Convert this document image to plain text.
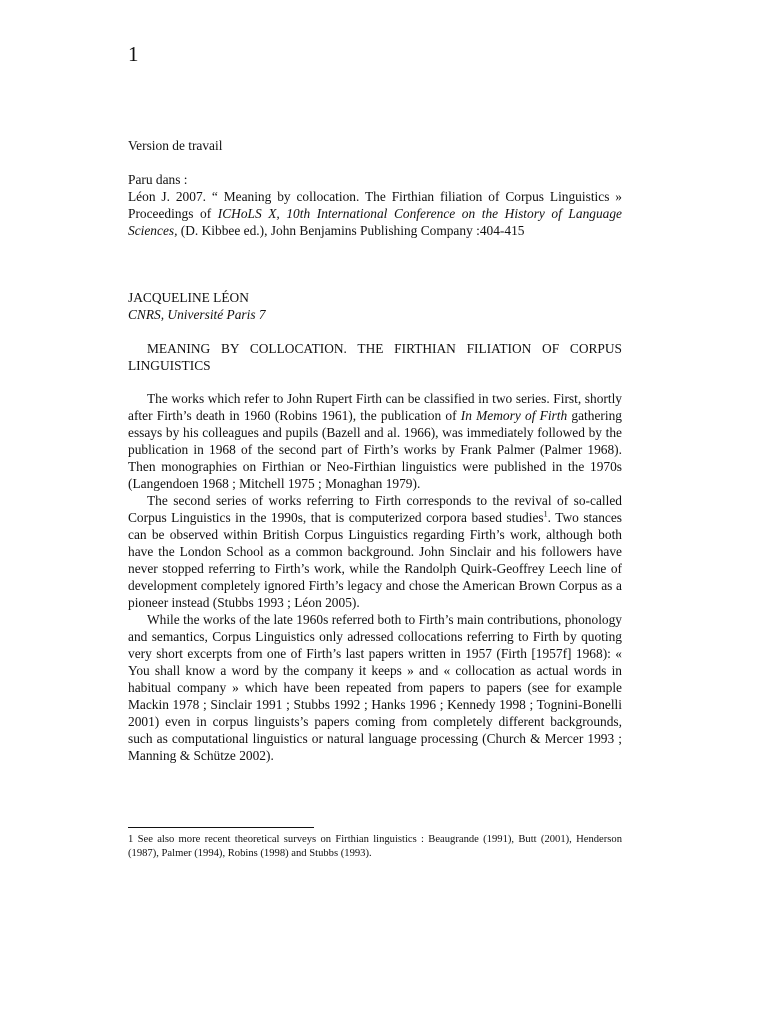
1
Version de travail
Paru dans :
Léon J. 2007. “ Meaning by collocation. The Firthian filiation of Corpus Linguistics » Proceedings of ICHoLS X, 10th International Conference on the History of Language Sciences, (D. Kibbee ed.), John Benjamins Publishing Company :404-415
JACQUELINE LÉON
CNRS, Université Paris 7
MEANING BY COLLOCATION. THE FIRTHIAN FILIATION OF CORPUS LINGUISTICS

The works which refer to John Rupert Firth can be classified in two series. First, shortly after Firth’s death in 1960 (Robins 1961), the publication of In Memory of Firth gathering essays by his colleagues and pupils (Bazell and al. 1966), was immediately followed by the publication in 1968 of the second part of Firth’s works by Frank Palmer (Palmer 1968). Then monographies on Firthian or Neo-Firthian linguistics were published in the 1970s (Langendoen 1968 ; Mitchell 1975 ; Monaghan 1979).

The second series of works referring to Firth corresponds to the revival of so-called Corpus Linguistics in the 1990s, that is computerized corpora based studies$^1$. Two stances can be observed within British Corpus Linguistics regarding Firth’s work, although both have the London School as a common background. John Sinclair and his followers have never stopped referring to Firth’s work, while the Randolph Quirk-Geoffrey Leech line of development completely ignored Firth’s legacy and chose the American Brown Corpus as a pioneer instead (Stubbs 1993 ; Léon 2005).

While the works of the late 1960s referred both to Firth’s main contributions, phonology and semantics, Corpus Linguistics only adressed collocations referring to Firth by quoting very short excerpts from one of Firth’s last papers written in 1957 (Firth [1957f] 1968): « You shall know a word by the company it keeps » and « collocation as actual words in habitual company » which have been repeated from papers to papers (see for example Mackin 1978 ; Sinclair 1991 ; Stubbs 1992 ; Hanks 1996 ; Kennedy 1998 ; Tognini-Bonelli 2001) even in corpus linguists’s papers coming from completely different backgrounds, such as computational linguistics or natural language processing (Church & Mercer 1993 ; Manning & Schütze 2002).

1 See also more recent theoretical surveys on Firthian linguistics : Beaugrande (1991), Butt (2001), Henderson (1987), Palmer (1994), Robins (1998) and Stubbs (1993).
